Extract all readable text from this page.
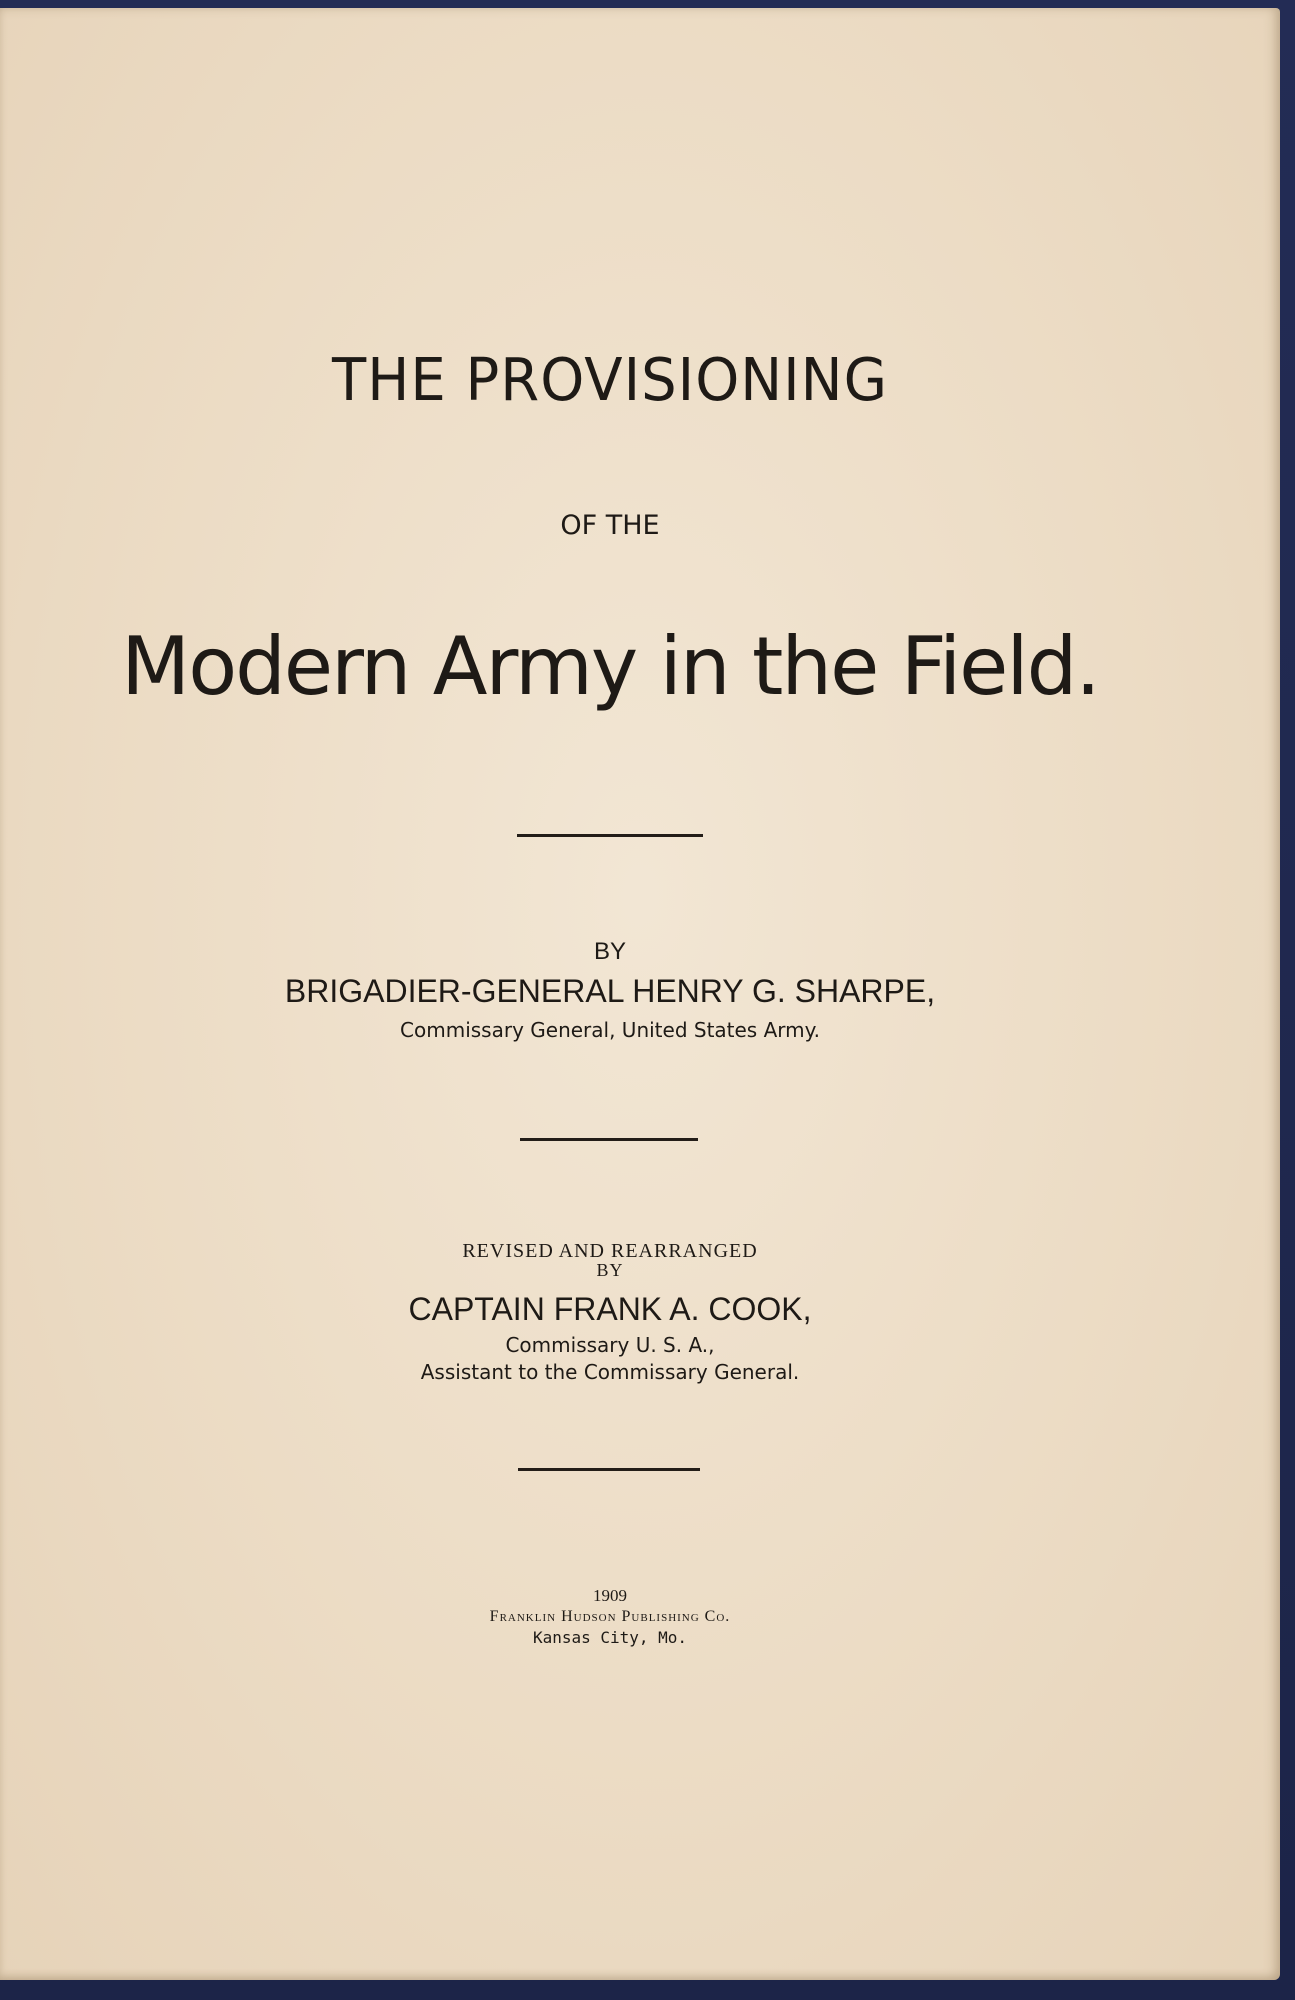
THE PROVISIONING
OF THE
Modern Army in the Field.
BY
BRIGADIER-GENERAL HENRY G. SHARPE,
Commissary General, United States Army.
REVISED AND REARRANGED
BY
CAPTAIN FRANK A. COOK,
Commissary U. S. A.,
Assistant to the Commissary General.
1909
Franklin Hudson Publishing Co.
Kansas City, Mo.
